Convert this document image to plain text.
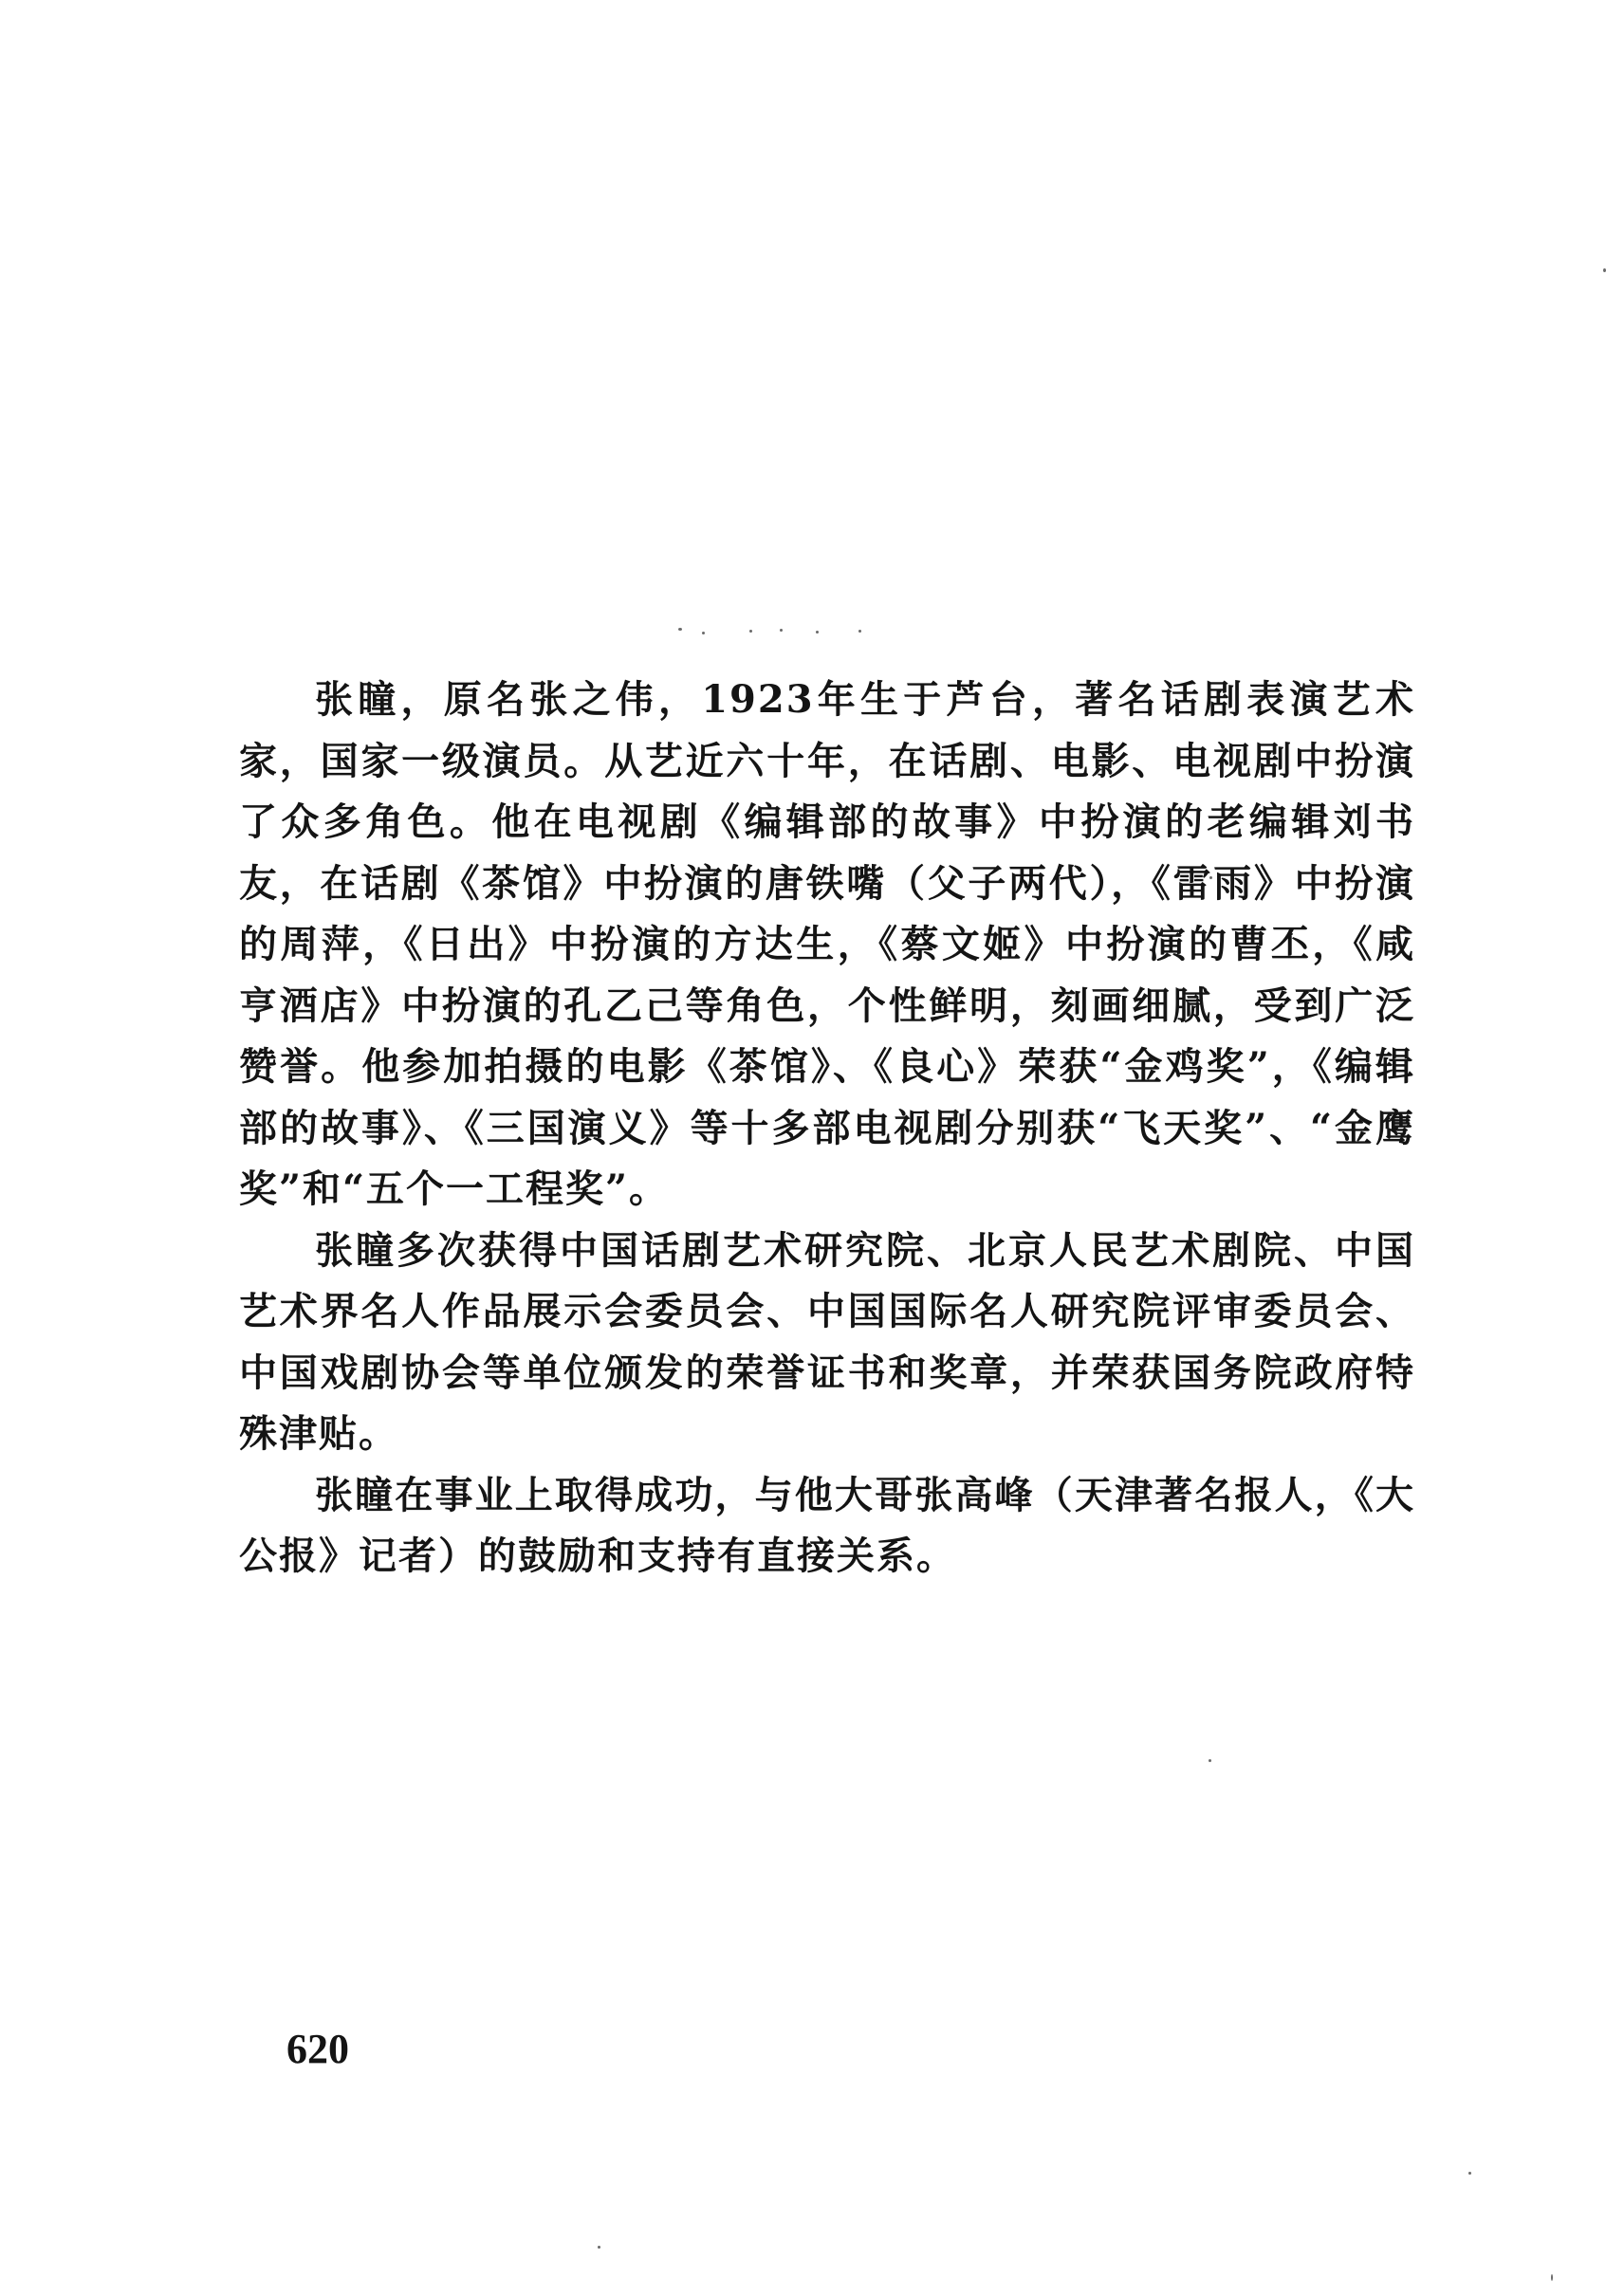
张瞳，原名张之伟，1923年生于芦台，著名话剧表演艺术家，国家一级演员。从艺近六十年，在话剧、电影、电视剧中扮演了众多角色。他在电视剧《编辑部的故事》中扮演的老编辑刘书友，在话剧《茶馆》中扮演的唐铁嘴（父子两代），《雷雨》中扮演的周萍，《日出》中扮演的方达生，《蔡文姬》中扮演的曹丕，《咸亨酒店》中扮演的孔乙己等角色，个性鲜明，刻画细腻，受到广泛赞誉。他参加拍摄的电影《茶馆》、《良心》荣获“金鸡奖”，《编辑部的故事》、《三国演义》等十多部电视剧分别获“飞天奖”、“金鹰奖”和“五个一工程奖”。

张瞳多次获得中国话剧艺术研究院、北京人民艺术剧院、中国艺术界名人作品展示会委员会、中国国际名人研究院评审委员会、中国戏剧协会等单位颁发的荣誉证书和奖章，并荣获国务院政府特殊津贴。

张瞳在事业上取得成功，与他大哥张高峰（天津著名报人，《大公报》记者）的鼓励和支持有直接关系。

620
